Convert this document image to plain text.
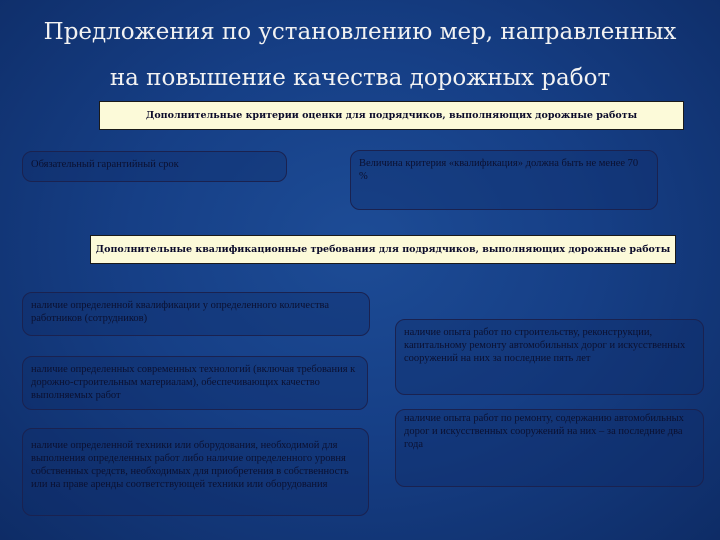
Предложения по установлению мер, направленных
на повышение качества дорожных работ
Дополнительные критерии оценки для подрядчиков, выполняющих дорожные работы
Обязательный гарантийный срок	Величина критерия «квалификация» должна быть не менее 70 %
Дополнительные квалификационные требования для подрядчиков, выполняющих дорожные работы
наличие определенной квалификации у определенного количества работников (сотрудников)
наличие определенных современных технологий (включая требования к дорожно-строительным материалам), обеспечивающих качество выполняемых работ
наличие определенной техники или оборудования, необходимой для выполнения определенных работ либо наличие определенного уровня собственных средств, необходимых для приобретения в собственность или на праве аренды соответствующей техники или оборудования
наличие опыта работ по строительству, реконструкции, капитальному ремонту автомобильных дорог и искусственных сооружений на них за последние пять лет
наличие опыта работ по ремонту, содержанию автомобильных дорог и искусственных сооружений на них – за последние два года
